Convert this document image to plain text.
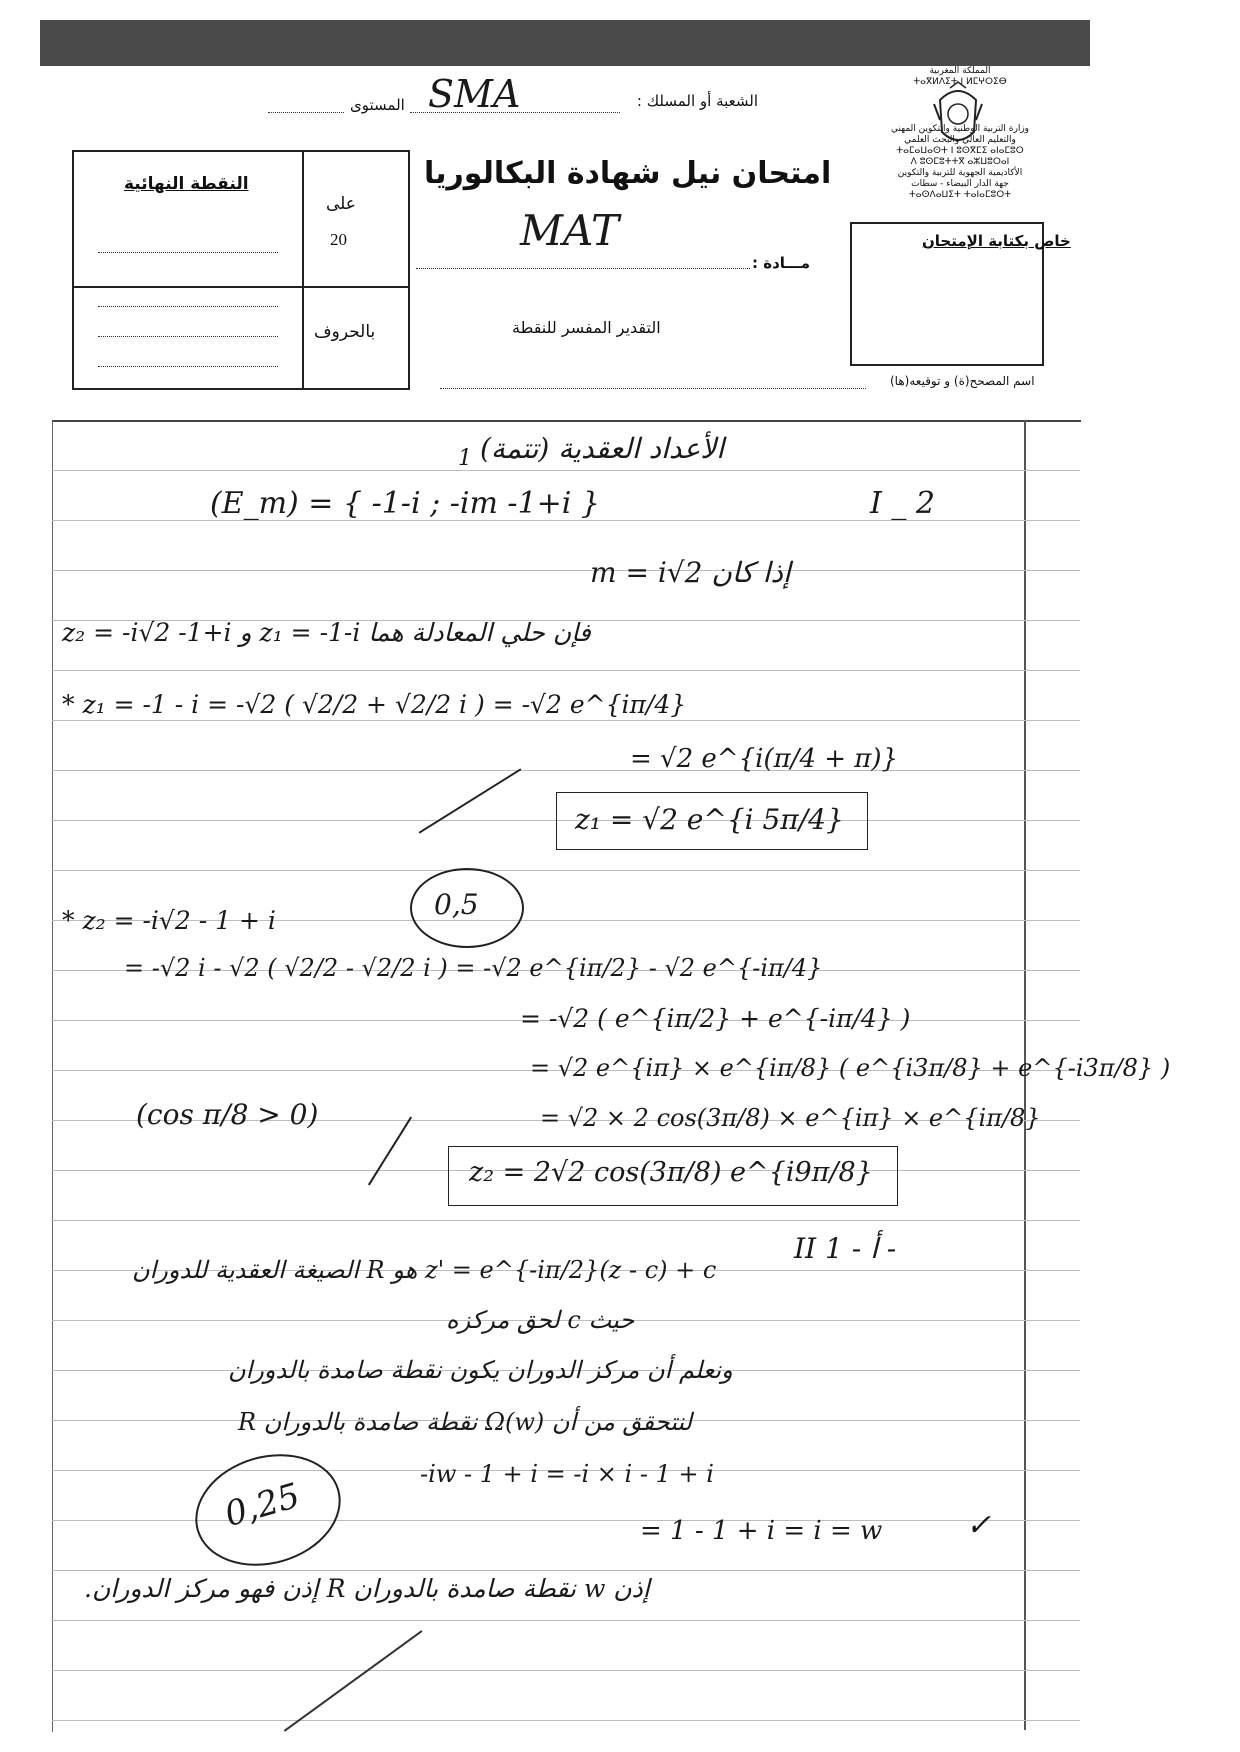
المملكة المغربية
ⵜⴰⴳⵍⴷⵉⵜ ⵏ ⵍⵎⵖⵔⵉⴱ
وزارة التربية الوطنية والتكوين المهني
والتعليم العالي والبحث العلمي
ⵜⴰⵎⴰⵡⴰⵙⵜ ⵏ ⵓⵙⴳⵎⵉ ⴰⵏⴰⵎⵓⵔ
ⴷ ⵓⵙⵎⵓⵜⵜⴳ ⴰⵣⵡⵓⵔⴰⵏ
الأكاديمية الجهوية للتربية والتكوين
جهة الدار البيضاء - سطات
ⵜⴰⵙⴷⴰⵡⵉⵜ ⵜⴰⵏⴰⵎⵓⵔⵜ
الشعبة أو المسلك :
SMA
المستوى
النقطة النهائية
على
20
بالحروف
امتحان نيل شهادة البكالوريا
مـــادة :
MAT
التقدير المفسر للنقطة
اسم المصحح(ة) و توقيعه(ها)
خاص بكتابة الإمتحان
الأعداد العقدية (تتمة)
1
(E_m) = { -1-i ; -im -1+i }	I _ 2
إذا كان m = i√2
فإن حلي المعادلة هما z₁ = -1-i و z₂ = -i√2 -1+i
* z₁ = -1 - i = -√2 ( √2/2 + √2/2 i ) = -√2 e^{iπ/4}
= √2 e^{i(π/4 + π)}
z₁ = √2 e^{i 5π/4}
0,5
* z₂ = -i√2 - 1 + i
= -√2 i - √2 ( √2/2 - √2/2 i ) = -√2 e^{iπ/2} - √2 e^{-iπ/4}
= -√2 ( e^{iπ/2} + e^{-iπ/4} )
= √2 e^{iπ} × e^{iπ/8} ( e^{i3π/8} + e^{-i3π/8} )
= √2 × 2 cos(3π/8) × e^{iπ} × e^{iπ/8}
(cos π/8 > 0)
z₂ = 2√2 cos(3π/8) e^{i9π/8}
z' = e^{-iπ/2}(z - c) + c هو R الصيغة العقدية للدوران
II 1 - أ -
حيث c لحق مركزه
ونعلم أن مركز الدوران يكون نقطة صامدة بالدوران
لنتحقق من أن Ω(w) نقطة صامدة بالدوران R
-iw - 1 + i = -i × i - 1 + i
0,25	= 1 - 1 + i = i = w	✓
إذن w نقطة صامدة بالدوران R إذن فهو مركز الدوران.
